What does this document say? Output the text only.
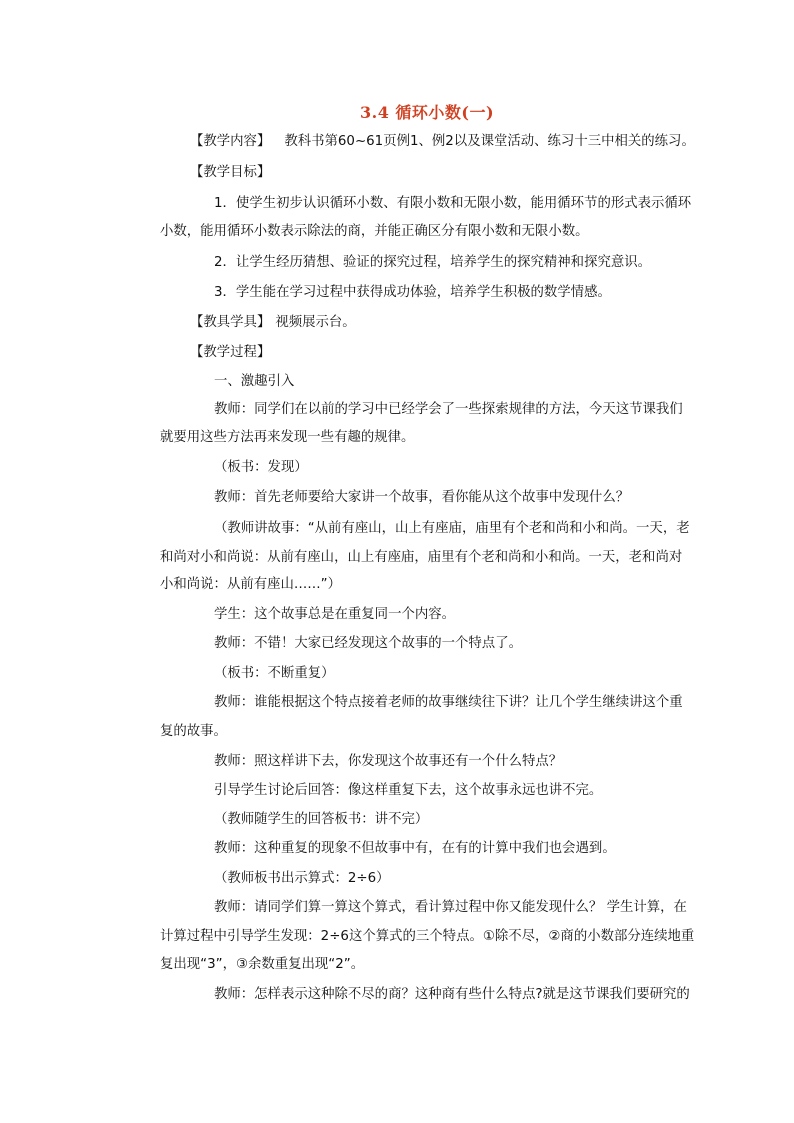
3.4 循环小数(一)
【教学内容】 教科书第60~61页例1、例2以及课堂活动、练习十三中相关的练习。
【教学目标】
1．使学生初步认识循环小数、有限小数和无限小数，能用循环节的形式表示循环
小数，能用循环小数表示除法的商，并能正确区分有限小数和无限小数。
2．让学生经历猜想、验证的探究过程，培养学生的探究精神和探究意识。
3．学生能在学习过程中获得成功体验，培养学生积极的数学情感。
【教具学具】 视频展示台。
【教学过程】
一、激趣引入
教师：同学们在以前的学习中已经学会了一些探索规律的方法，今天这节课我们
就要用这些方法再来发现一些有趣的规律。
（板书：发现）
教师：首先老师要给大家讲一个故事，看你能从这个故事中发现什么？
（教师讲故事：“从前有座山，山上有座庙，庙里有个老和尚和小和尚。一天，老
和尚对小和尚说：从前有座山，山上有座庙，庙里有个老和尚和小和尚。一天，老和尚对
小和尚说：从前有座山……”）
学生：这个故事总是在重复同一个内容。
教师：不错！大家已经发现这个故事的一个特点了。
（板书：不断重复）
教师：谁能根据这个特点接着老师的故事继续往下讲？让几个学生继续讲这个重
复的故事。
教师：照这样讲下去，你发现这个故事还有一个什么特点？
引导学生讨论后回答：像这样重复下去，这个故事永远也讲不完。
（教师随学生的回答板书：讲不完）
教师：这种重复的现象不但故事中有，在有的计算中我们也会遇到。
（教师板书出示算式：2÷6）
教师：请同学们算一算这个算式，看计算过程中你又能发现什么？ 学生计算，在
计算过程中引导学生发现：2÷6这个算式的三个特点。①除不尽，②商的小数部分连续地重
复出现“3”，③余数重复出现“2”。
教师：怎样表示这种除不尽的商？这种商有些什么特点?就是这节课我们要研究的
